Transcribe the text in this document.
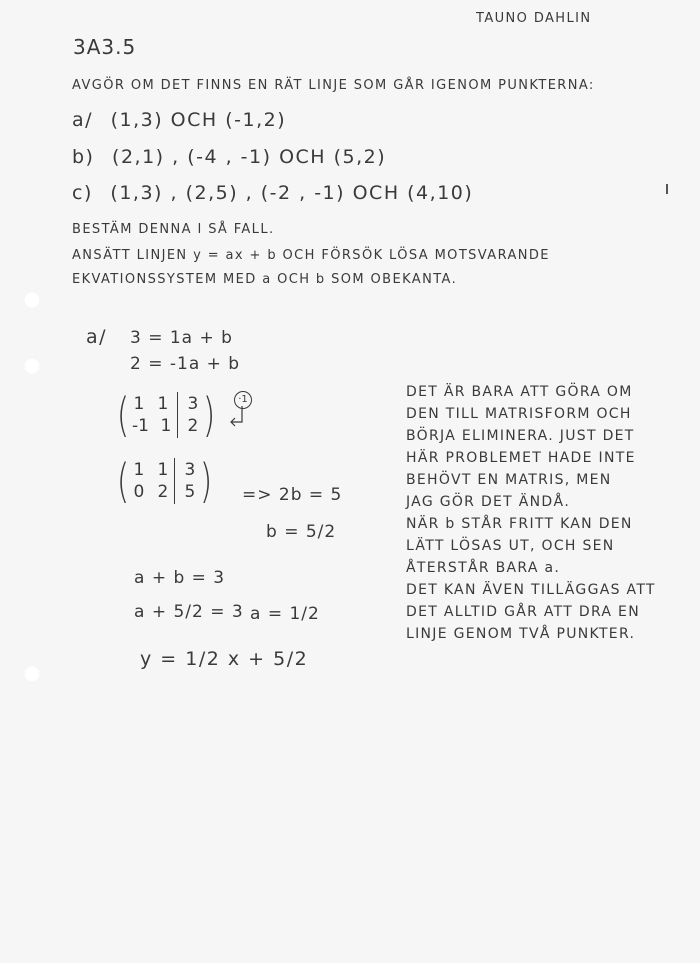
TAUNO DAHLIN
3A3.5
AVGÖR OM DET FINNS EN RÄT LINJE SOM GÅR IGENOM PUNKTERNA:
a/ (1,3) OCH (-1,2)
b) (2,1) , (-4 , -1) OCH (5,2)
c) (1,3) , (2,5) , (-2 , -1) OCH (4,10)
BESTÄM DENNA I SÅ FALL.
ANSÄTT LINJEN y = ax + b OCH FÖRSÖK LÖSA MOTSVARANDE
EKVATIONSSYSTEM MED a OCH b SOM OBEKANTA.
a/ 3 = 1a + b
2 = -1a + b
( 1 1
-1 1
3
2 )	·1
( 1 1
0 2
3
5 ) => 2b = 5
b = 5/2
a + b = 3
a + 5/2 = 3 a = 1/2
y = 1/2 x + 5/2
DET ÄR BARA ATT GÖRA OM
DEN TILL MATRISFORM OCH
BÖRJA ELIMINERA. JUST DET
HÄR PROBLEMET HADE INTE
BEHÖVT EN MATRIS, MEN
JAG GÖR DET ÄNDÅ.
NÄR b STÅR FRITT KAN DEN
LÄTT LÖSAS UT, OCH SEN
ÅTERSTÅR BARA a.
DET KAN ÄVEN TILLÄGGAS ATT
DET ALLTID GÅR ATT DRA EN
LINJE GENOM TVÅ PUNKTER.
